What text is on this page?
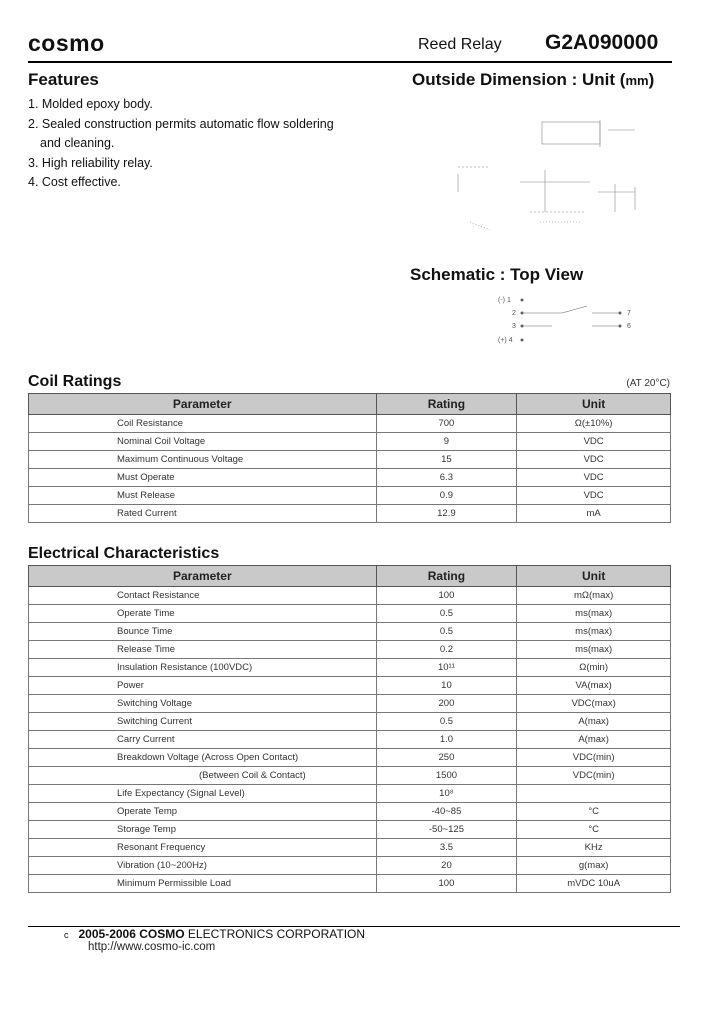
cosmo	Reed Relay G2A090000
Features
1. Molded epoxy body.
2. Sealed construction permits automatic flow soldering
and cleaning.
3. High reliability relay.
4. Cost effective.
Outside Dimension : Unit (mm)
Schematic : Top View
(-) 1
2
3
(+) 4
7
6
Coil Ratings	(AT 20°C)
Parameter	Rating	Unit
Coil Resistance	700	Ω(±10%)
Nominal Coil Voltage	9	VDC
Maximum Continuous Voltage	15	VDC
Must Operate	6.3	VDC
Must Release	0.9	VDC
Rated Current	12.9	mA
Electrical Characteristics
Parameter	Rating	Unit
Contact Resistance	100	mΩ(max)
Operate Time	0.5	ms(max)
Bounce Time	0.5	ms(max)
Release Time	0.2	ms(max)
Insulation Resistance (100VDC)	10¹¹	Ω(min)
Power	10	VA(max)
Switching Voltage	200	VDC(max)
Switching Current	0.5	A(max)
Carry Current	1.0	A(max)
Breakdown Voltage (Across Open Contact)	250	VDC(min)
(Between Coil & Contact)	1500	VDC(min)
Life Expectancy (Signal Level)	10⁸	
Operate Temp	-40~85	°C
Storage Temp	-50~125	°C
Resonant Frequency	3.5	KHz
Vibration (10~200Hz)	20	g(max)
Minimum Permissible Load	100	mVDC 10uA
c 2005-2006 COSMO ELECTRONICS CORPORATION
http://www.cosmo-ic.com
